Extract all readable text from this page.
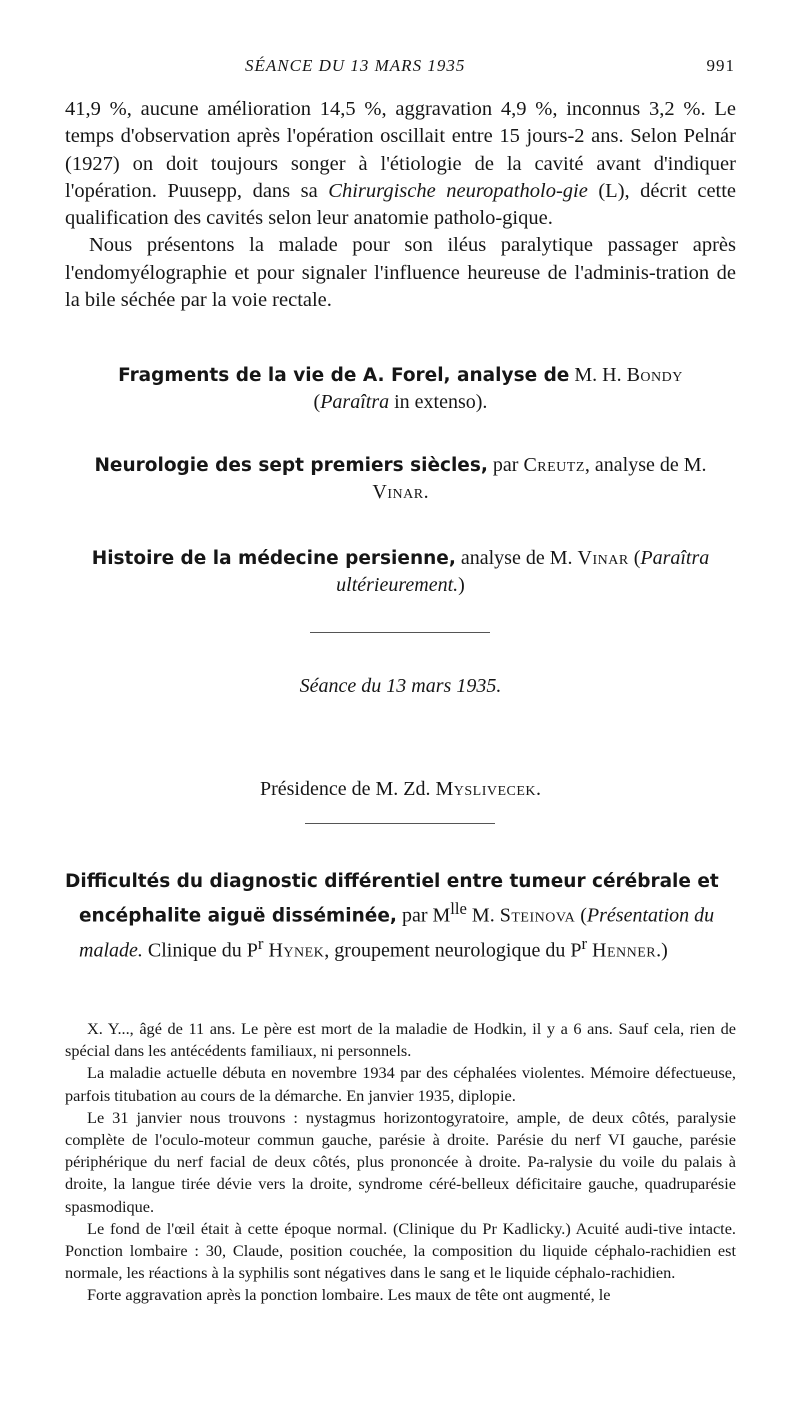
SÉANCE DU 13 MARS 1935	991

41,9 %, aucune amélioration 14,5 %, aggravation 4,9 %, inconnus 3,2 %. Le temps d'observation après l'opération oscillait entre 15 jours-2 ans. Selon Pelnár (1927) on doit toujours songer à l'étiologie de la cavité avant d'indiquer l'opération. Puusepp, dans sa Chirurgische neuropatholo-gie (L), décrit cette qualification des cavités selon leur anatomie patholo-gique.

Nous présentons la malade pour son iléus paralytique passager après l'endomyélographie et pour signaler l'influence heureuse de l'adminis-tration de la bile séchée par la voie rectale.

Fragments de la vie de A. Forel, analyse de M. H. Bondy
(Paraîtra in extenso).
Neurologie des sept premiers siècles, par Creutz, analyse de M. Vinar.
Histoire de la médecine persienne, analyse de M. Vinar (Paraîtra ultérieurement.)
Séance du 13 mars 1935.
Présidence de M. Zd. Myslivecek.

Difficultés du diagnostic différentiel entre tumeur cérébrale et

encéphalite aiguë disséminée, par $M^{lle}$ M. Steinova (Présentation du malade. Clinique du $P^r$ Hynek, groupement neurologique du $P^r$ Henner.)

X. Y..., âgé de 11 ans. Le père est mort de la maladie de Hodkin, il y a 6 ans. Sauf cela, rien de spécial dans les antécédents familiaux, ni personnels.

La maladie actuelle débuta en novembre 1934 par des céphalées violentes. Mémoire défectueuse, parfois titubation au cours de la démarche. En janvier 1935, diplopie.

Le 31 janvier nous trouvons : nystagmus horizontogyratoire, ample, de deux côtés, paralysie complète de l'oculo-moteur commun gauche, parésie à droite. Parésie du nerf VI gauche, parésie périphérique du nerf facial de deux côtés, plus prononcée à droite. Pa-ralysie du voile du palais à droite, la langue tirée dévie vers la droite, syndrome céré-belleux déficitaire gauche, quadruparésie spasmodique.

Le fond de l'œil était à cette époque normal. (Clinique du Pr Kadlicky.) Acuité audi-tive intacte. Ponction lombaire : 30, Claude, position couchée, la composition du liquide céphalo-rachidien est normale, les réactions à la syphilis sont négatives dans le sang et le liquide céphalo-rachidien.

Forte aggravation après la ponction lombaire. Les maux de tête ont augmenté, le
